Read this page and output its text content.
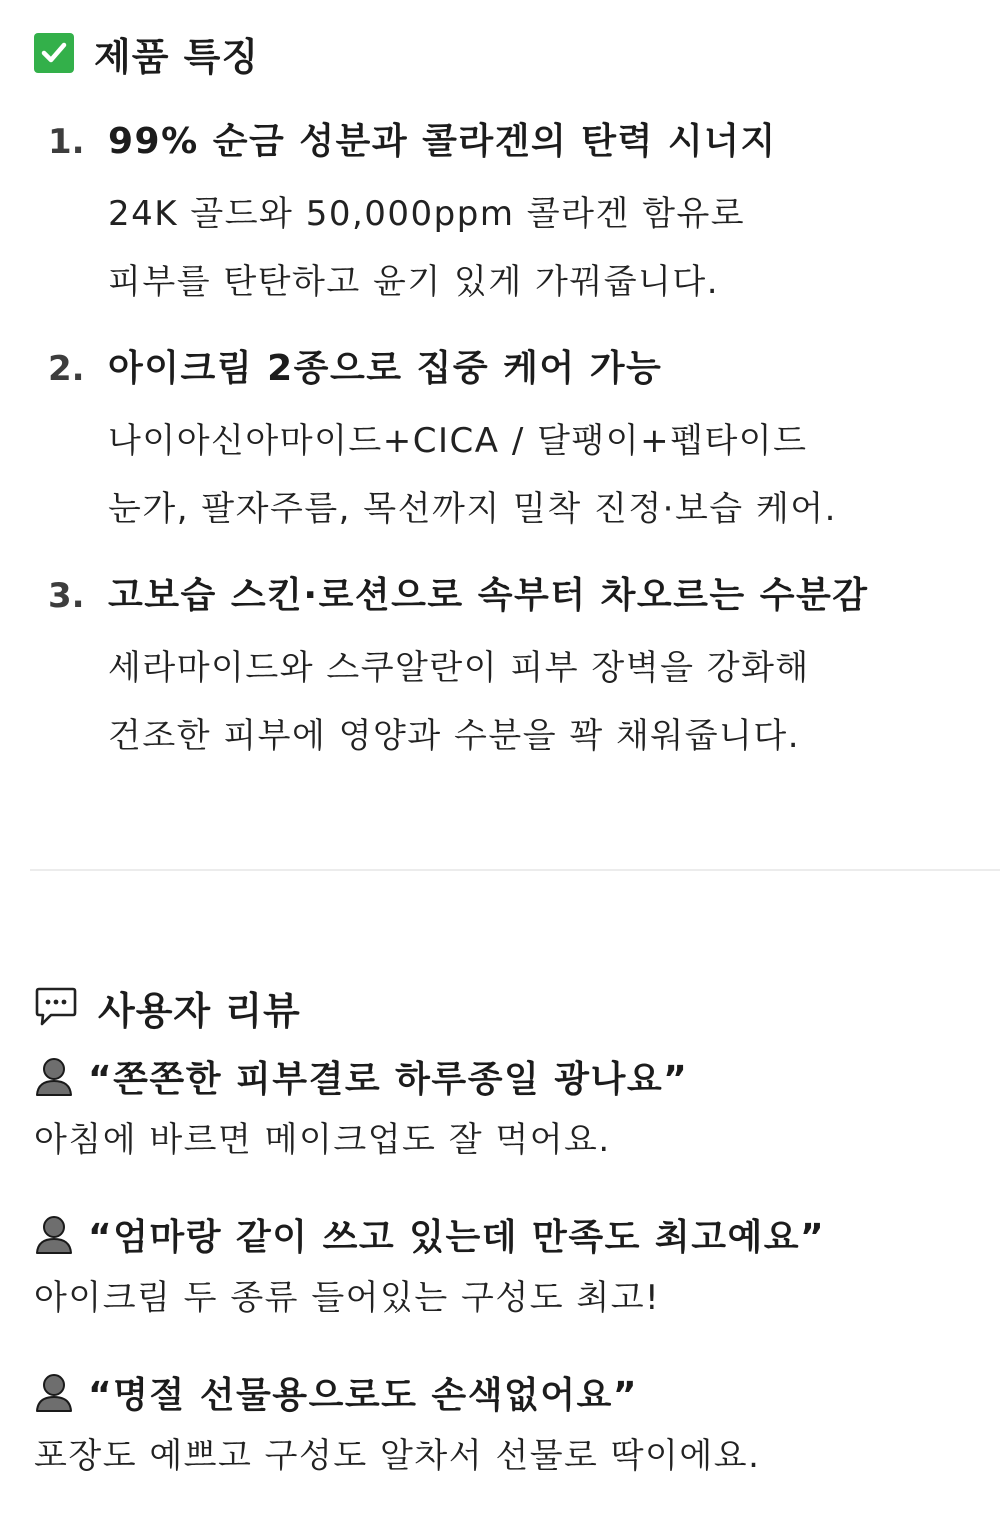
제품 특징
1. 99% 순금 성분과 콜라겐의 탄력 시너지
24K 골드와 50,000ppm 콜라겐 함유로
피부를 탄탄하고 윤기 있게 가꿔줍니다.
2. 아이크림 2종으로 집중 케어 가능
나이아신아마이드+CICA / 달팽이+펩타이드
눈가, 팔자주름, 목선까지 밀착 진정·보습 케어.
3. 고보습 스킨·로션으로 속부터 차오르는 수분감
세라마이드와 스쿠알란이 피부 장벽을 강화해
건조한 피부에 영양과 수분을 꽉 채워줍니다.
사용자 리뷰
“쫀쫀한 피부결로 하루종일 광나요”
아침에 바르면 메이크업도 잘 먹어요.
“엄마랑 같이 쓰고 있는데 만족도 최고예요”
아이크림 두 종류 들어있는 구성도 최고!
“명절 선물용으로도 손색없어요”
포장도 예쁘고 구성도 알차서 선물로 딱이에요.
